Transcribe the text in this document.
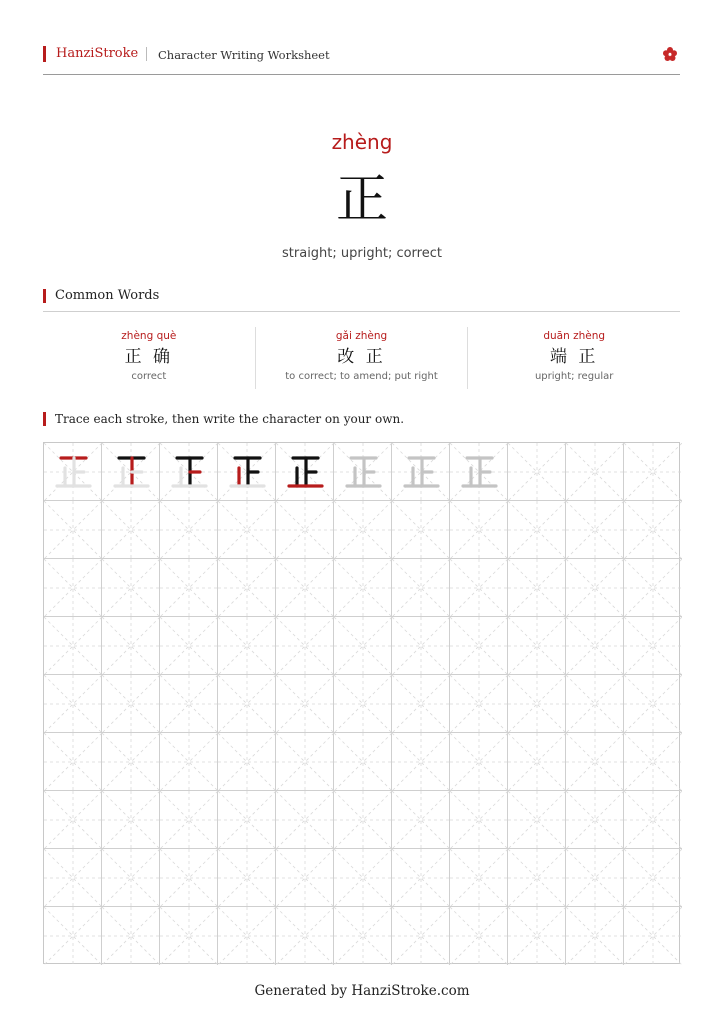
HanziStroke Character Writing Worksheet
zhèng
正
straight; upright; correct
Common Words
zhèng què
正 确
correct
gǎi zhèng
改 正
to correct; to amend; put right
duān zhèng
端 正
upright; regular
Trace each stroke, then write the character on your own.
Generated by HanziStroke.com
